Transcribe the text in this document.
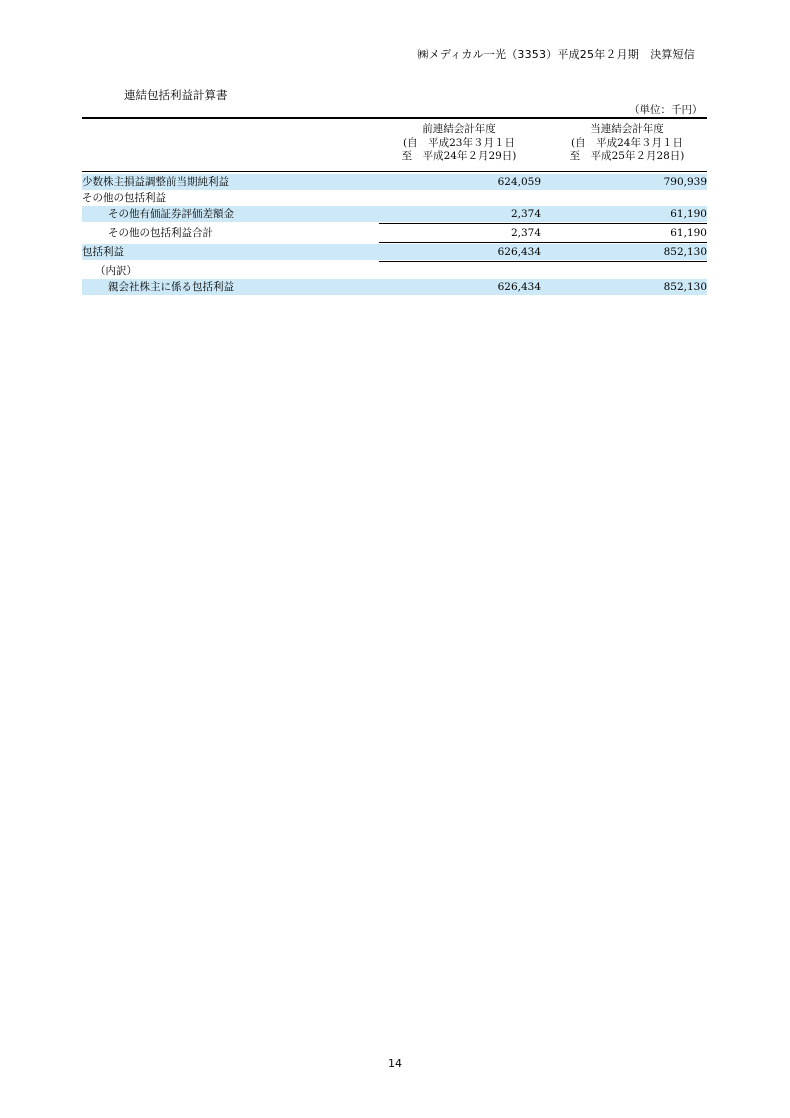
㈱メディカル一光（3353）平成25年２月期　決算短信
連結包括利益計算書
（単位：千円）
前連結会計年度
(自　平成23年３月１日
至　平成24年２月29日)
当連結会計年度
(自　平成24年３月１日
至　平成25年２月28日)
少数株主損益調整前当期純利益	624,059	790,939
その他の包括利益
その他有価証券評価差額金	2,374	61,190
その他の包括利益合計	2,374	61,190
包括利益	626,434	852,130
（内訳）
親会社株主に係る包括利益	626,434	852,130
14
